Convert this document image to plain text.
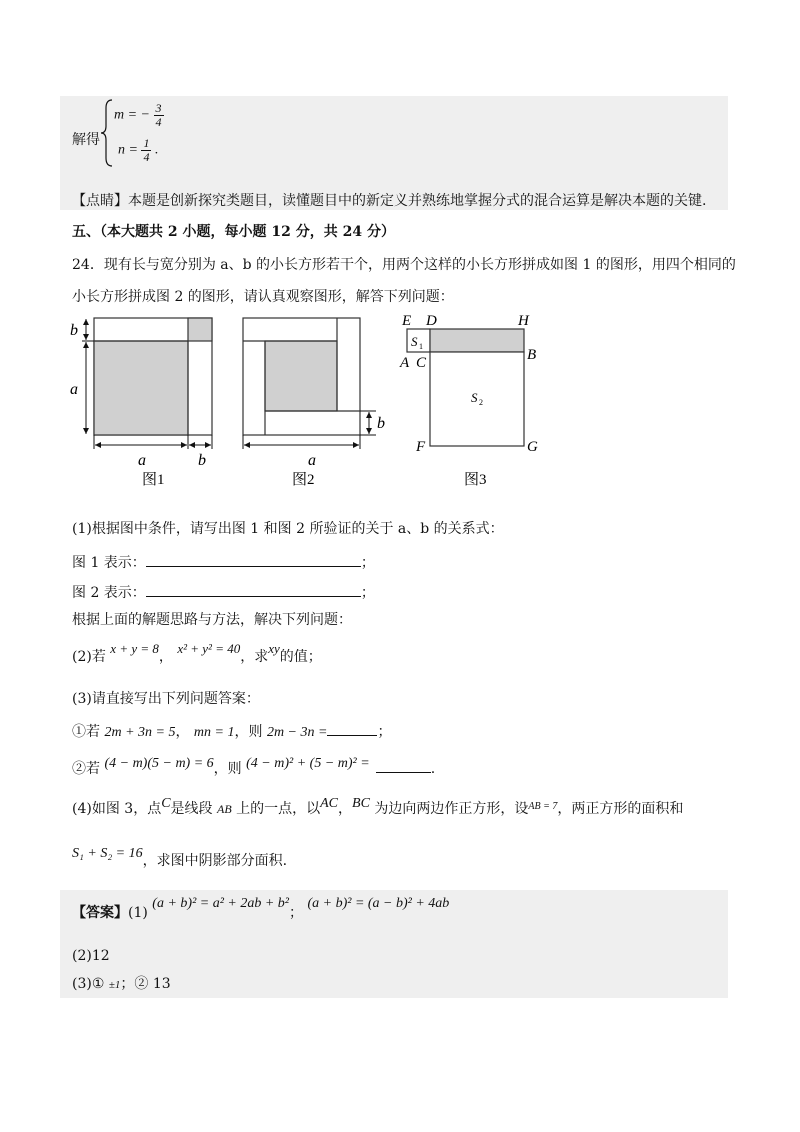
解得
m = − $\frac{3}{4}$
$n = \frac{1}{4}$ .
【点睛】本题是创新探究类题目，读懂题目中的新定义并熟练地掌握分式的混合运算是解决本题的关键.
五、（本大题共 2 小题，每小题 12 分，共 24 分）
24．现有长与宽分别为 a、b 的小长方形若干个，用两个这样的小长方形拼成如图 1 的图形，用四个相同的
小长方形拼成图 2 的图形，请认真观察图形，解答下列问题：
b
a
a	b
图1
b
a
图2
E D	H
A C	B
F	G
S 1
S 2
图3
(1)根据图中条件，请写出图 1 和图 2 所验证的关于 a、b 的关系式：
图 1 表示：	；
图 2 表示：	；
根据上面的解题思路与方法，解决下列问题：
(2)若 x + y = 8， x² + y² = 40，求xy的值；
(3)请直接写出下列问题答案：
①若 2m + 3n = 5， mn = 1，则 2m − 3n =	；
②若 (4 − m)(5 − m) = 6，则 (4 − m)² + (5 − m)² =	.
(4)如图 3，点C是线段 AB 上的一点，以AC，BC 为边向两边作正方形，设$^{AB = 7}$，两正方形的面积和
S₁ + S₂ = 16，求图中阴影部分面积.
【答案】(1) (a + b)² = a² + 2ab + b²； (a + b)² = (a − b)² + 4ab
(2)12
(3)① ±1；② 13
